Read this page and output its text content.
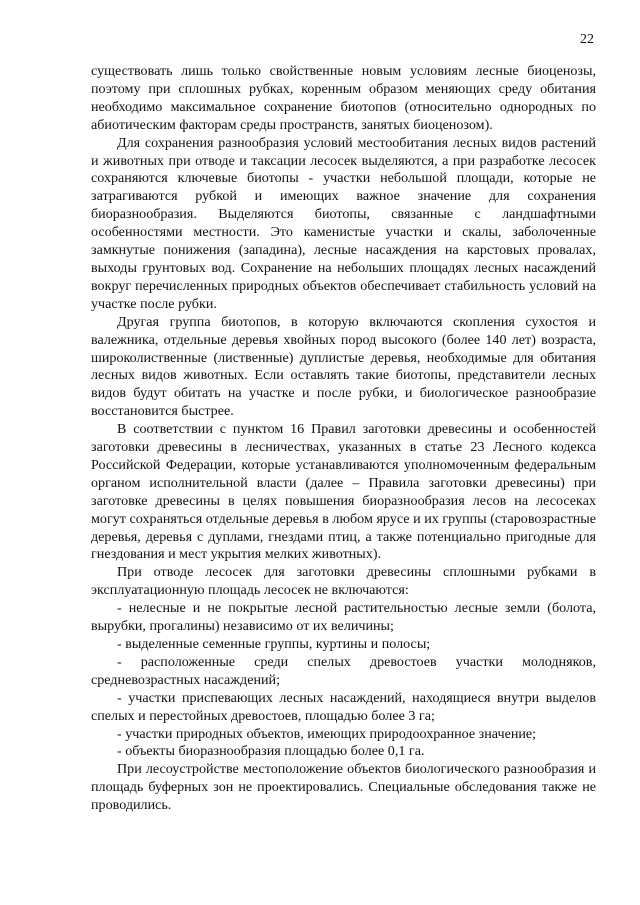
22

существовать лишь только свойственные новым условиям лесные биоценозы, поэтому при сплошных рубках, коренным образом меняющих среду обитания необходимо максимальное сохранение биотопов (относительно однородных по абиотическим факторам среды пространств, занятых биоценозом).

Для сохранения разнообразия условий местообитания лесных видов растений и животных при отводе и таксации лесосек выделяются, а при разработке лесосек сохраняются ключевые биотопы - участки небольшой площади, которые не затрагиваются рубкой и имеющих важное значение для сохранения биоразнообразия. Выделяются биотопы, связанные с ландшафтными особенностями местности. Это каменистые участки и скалы, заболоченные замкнутые понижения (западина), лесные насаждения на карстовых провалах, выходы грунтовых вод. Сохранение на небольших площадях лесных насаждений вокруг перечисленных природных объектов обеспечивает стабильность условий на участке после рубки.

Другая группа биотопов, в которую включаются скопления сухостоя и валежника, отдельные деревья хвойных пород высокого (более 140 лет) возраста, широколиственные (лиственные) дуплистые деревья, необходимые для обитания лесных видов животных. Если оставлять такие биотопы, представители лесных видов будут обитать на участке и после рубки, и биологическое разнообразие восстановится быстрее.

В соответствии с пунктом 16 Правил заготовки древесины и особенностей заготовки древесины в лесничествах, указанных в статье 23 Лесного кодекса Российской Федерации, которые устанавливаются уполномоченным федеральным органом исполнительной власти (далее – Правила заготовки древесины) при заготовке древесины в целях повышения биоразнообразия лесов на лесосеках могут сохраняться отдельные деревья в любом ярусе и их группы (старовозрастные деревья, деревья с дуплами, гнездами птиц, а также потенциально пригодные для гнездования и мест укрытия мелких животных).

При отводе лесосек для заготовки древесины сплошными рубками в эксплуатационную площадь лесосек не включаются:

- нелесные и не покрытые лесной растительностью лесные земли (болота, вырубки, прогалины) независимо от их величины;

- выделенные семенные группы, куртины и полосы;

- расположенные среди спелых древостоев участки молодняков, средневозрастных насаждений;

- участки приспевающих лесных насаждений, находящиеся внутри выделов спелых и перестойных древостоев, площадью более 3 га;

- участки природных объектов, имеющих природоохранное значение;

- объекты биоразнообразия площадью более 0,1 га.

При лесоустройстве местоположение объектов биологического разнообразия и площадь буферных зон не проектировались. Специальные обследования также не проводились.
